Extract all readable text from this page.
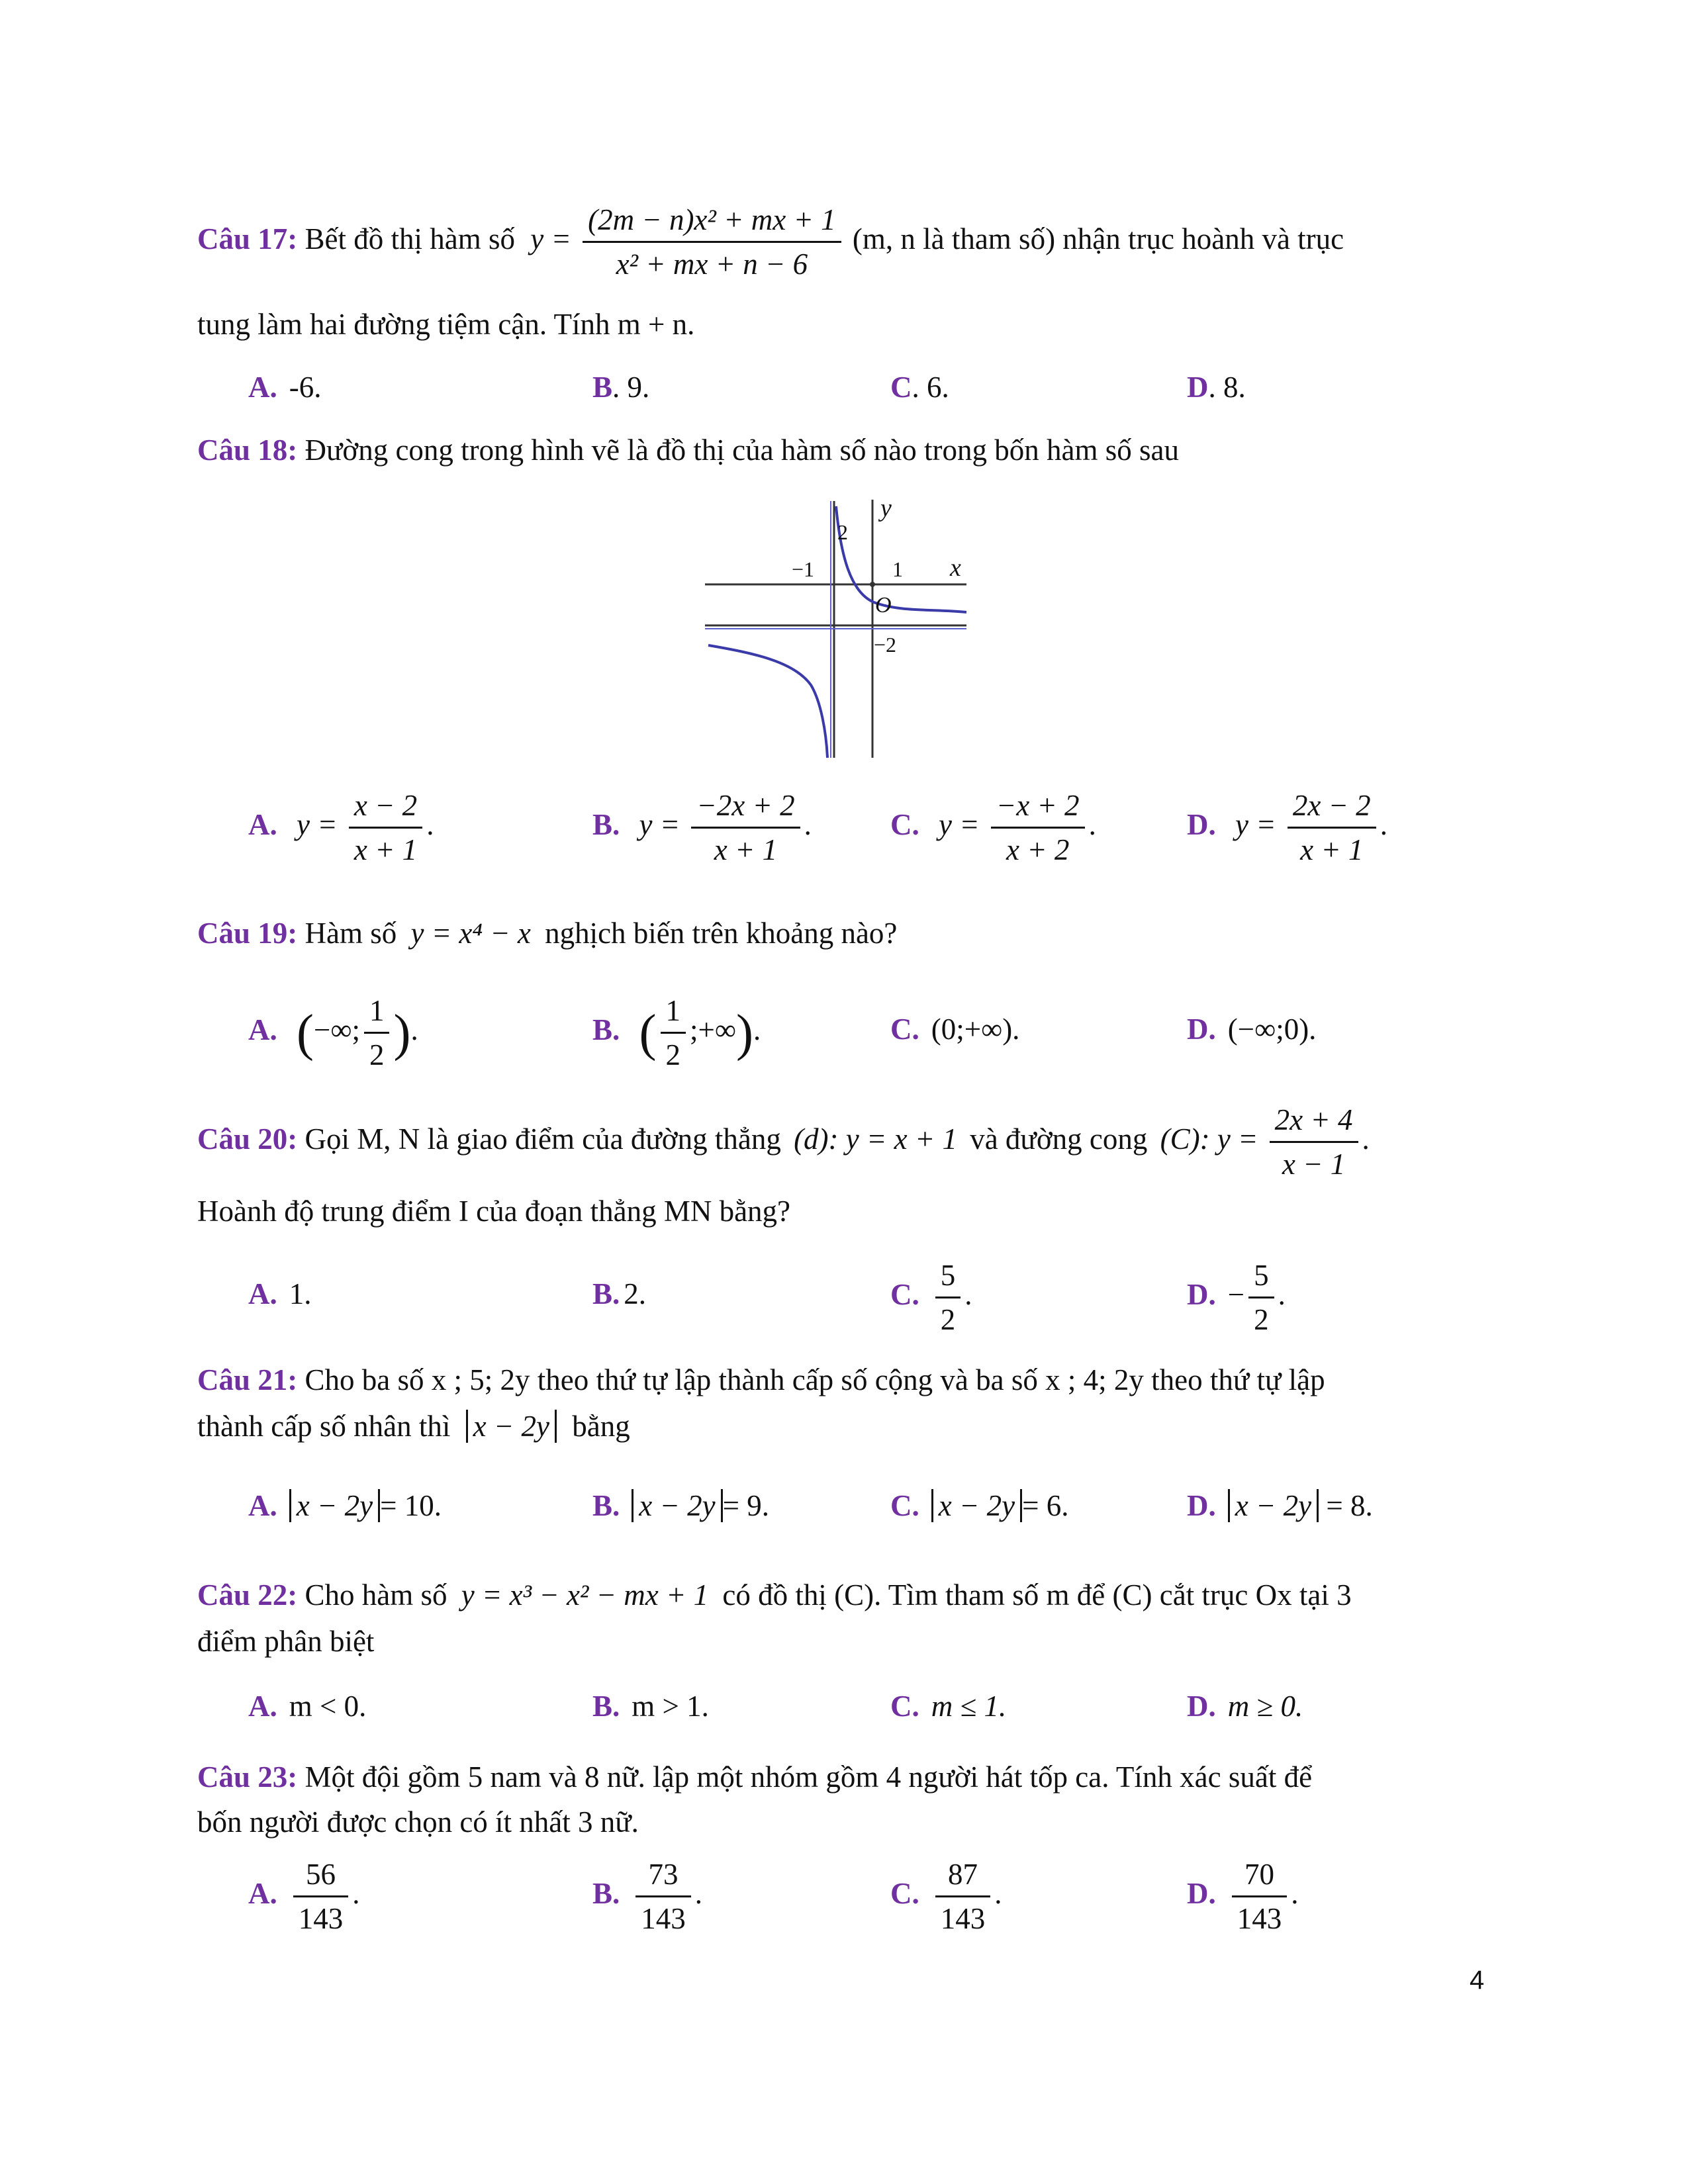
Câu 17: Bết đồ thị hàm số $y = \frac{\text{(2m − n)x² + mx + 1}}{\text{x² + mx + n − 6}} (m$, n là tham số) nhận trục hoành và trục
tung làm hai đường tiệm cận. Tính m + n.
A. -6.	B. 9.	C. 6.	D. 8.
Câu 18: Đường cong trong hình vẽ là đồ thị của hàm số nào trong bốn hàm số sau
y
x
O
−1	1
2
−2
A. $y = \frac{x - 2}{x + 1}$ .	B. $y = \frac{-2x + 2}{x + 1}$ .	C. $y = \frac{-x + 2}{x + 2}$ .	D. $y = \frac{2x - 2}{x + 1}$ .
Câu 19: Hàm số y = x⁴ − x nghịch biến trên khoảng nào?
A. (−∞; $\frac{1}{2}$ ).	B. ( $\frac{1}{2}$ ;+∞).	C. (0;+∞).	D. (−∞;0).
Câu 20: Gọi M, N là giao điểm của đường thẳng (d): y = x + 1 và đường cong (C): $y = \frac{2x + 4}{x - 1}$ .
Hoành độ trung điểm I của đoạn thẳng MN bằng?
A. 1.	B. 2.	C. $\frac{5}{2}$ .	D. − $\frac{5}{2}$ .
Câu 21: Cho ba số x ; 5; 2y theo thứ tự lập thành cấp số cộng và ba số x ; 4; 2y theo thứ tự lập
thành cấp số nhân thì x − 2y bằng
A. x − 2y = 10.	B. x − 2y = 9.	C. x − 2y = 6.	D. x − 2y = 8.
Câu 22: Cho hàm số y = x³ − x² − mx + 1 có đồ thị (C). Tìm tham số m để (C) cắt trục Ox tại 3
điểm phân biệt
A. m < 0.	B. m > 1.	C. m ≤ 1.	D. m ≥ 0.
Câu 23: Một đội gồm 5 nam và 8 nữ. lập một nhóm gồm 4 người hát tốp ca. Tính xác suất để
bốn người được chọn có ít nhất 3 nữ.
A. $\frac{56}{143}$ .	B. $\frac{73}{143}$ .	C. $\frac{87}{143}$ .	D. $\frac{70}{143}$ .
4
